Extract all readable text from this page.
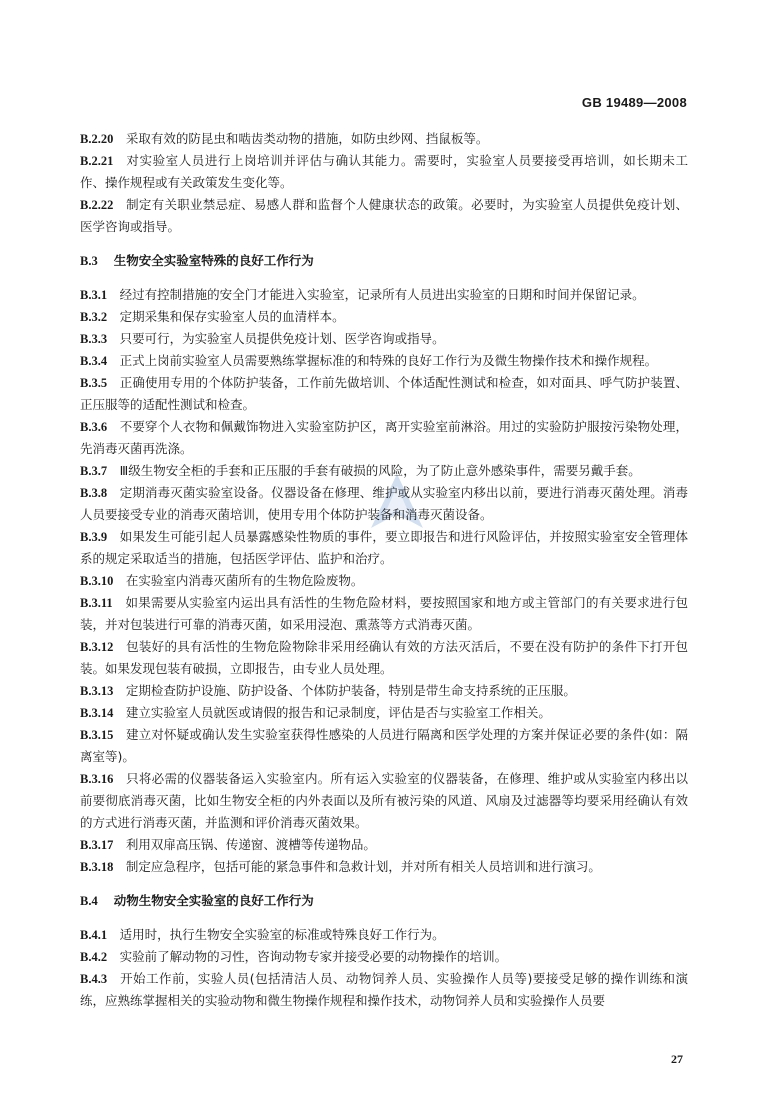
GB 19489—2008

B.2.20  采取有效的防昆虫和啮齿类动物的措施，如防虫纱网、挡鼠板等。

B.2.21  对实验室人员进行上岗培训并评估与确认其能力。需要时，实验室人员要接受再培训，如长期未工作、操作规程或有关政策发生变化等。

B.2.22  制定有关职业禁忌症、易感人群和监督个人健康状态的政策。必要时，为实验室人员提供免疫计划、医学咨询或指导。

B.3 生物安全实验室特殊的良好工作行为

B.3.1  经过有控制措施的安全门才能进入实验室，记录所有人员进出实验室的日期和时间并保留记录。

B.3.2  定期采集和保存实验室人员的血清样本。

B.3.3  只要可行，为实验室人员提供免疫计划、医学咨询或指导。

B.3.4  正式上岗前实验室人员需要熟练掌握标准的和特殊的良好工作行为及微生物操作技术和操作规程。

B.3.5  正确使用专用的个体防护装备，工作前先做培训、个体适配性测试和检查，如对面具、呼气防护装置、正压服等的适配性测试和检查。

B.3.6  不要穿个人衣物和佩戴饰物进入实验室防护区，离开实验室前淋浴。用过的实验防护服按污染物处理，先消毒灭菌再洗涤。

B.3.7  Ⅲ级生物安全柜的手套和正压服的手套有破损的风险，为了防止意外感染事件，需要另戴手套。

B.3.8  定期消毒灭菌实验室设备。仪器设备在修理、维护或从实验室内移出以前，要进行消毒灭菌处理。消毒人员要接受专业的消毒灭菌培训，使用专用个体防护装备和消毒灭菌设备。

B.3.9  如果发生可能引起人员暴露感染性物质的事件，要立即报告和进行风险评估，并按照实验室安全管理体系的规定采取适当的措施，包括医学评估、监护和治疗。

B.3.10  在实验室内消毒灭菌所有的生物危险废物。

B.3.11  如果需要从实验室内运出具有活性的生物危险材料，要按照国家和地方或主管部门的有关要求进行包装，并对包装进行可靠的消毒灭菌，如采用浸泡、熏蒸等方式消毒灭菌。

B.3.12  包装好的具有活性的生物危险物除非采用经确认有效的方法灭活后，不要在没有防护的条件下打开包装。如果发现包装有破损，立即报告，由专业人员处理。

B.3.13  定期检查防护设施、防护设备、个体防护装备，特别是带生命支持系统的正压服。

B.3.14  建立实验室人员就医或请假的报告和记录制度，评估是否与实验室工作相关。

B.3.15  建立对怀疑或确认发生实验室获得性感染的人员进行隔离和医学处理的方案并保证必要的条件(如：隔离室等)。

B.3.16  只将必需的仪器装备运入实验室内。所有运入实验室的仪器装备，在修理、维护或从实验室内移出以前要彻底消毒灭菌，比如生物安全柜的内外表面以及所有被污染的风道、风扇及过滤器等均要采用经确认有效的方式进行消毒灭菌，并监测和评价消毒灭菌效果。

B.3.17  利用双扉高压锅、传递窗、渡槽等传递物品。

B.3.18  制定应急程序，包括可能的紧急事件和急救计划，并对所有相关人员培训和进行演习。

B.4 动物生物安全实验室的良好工作行为

B.4.1  适用时，执行生物安全实验室的标准或特殊良好工作行为。

B.4.2  实验前了解动物的习性，咨询动物专家并接受必要的动物操作的培训。

B.4.3  开始工作前，实验人员(包括清洁人员、动物饲养人员、实验操作人员等)要接受足够的操作训练和演练，应熟练掌握相关的实验动物和微生物操作规程和操作技术，动物饲养人员和实验操作人员要

27
